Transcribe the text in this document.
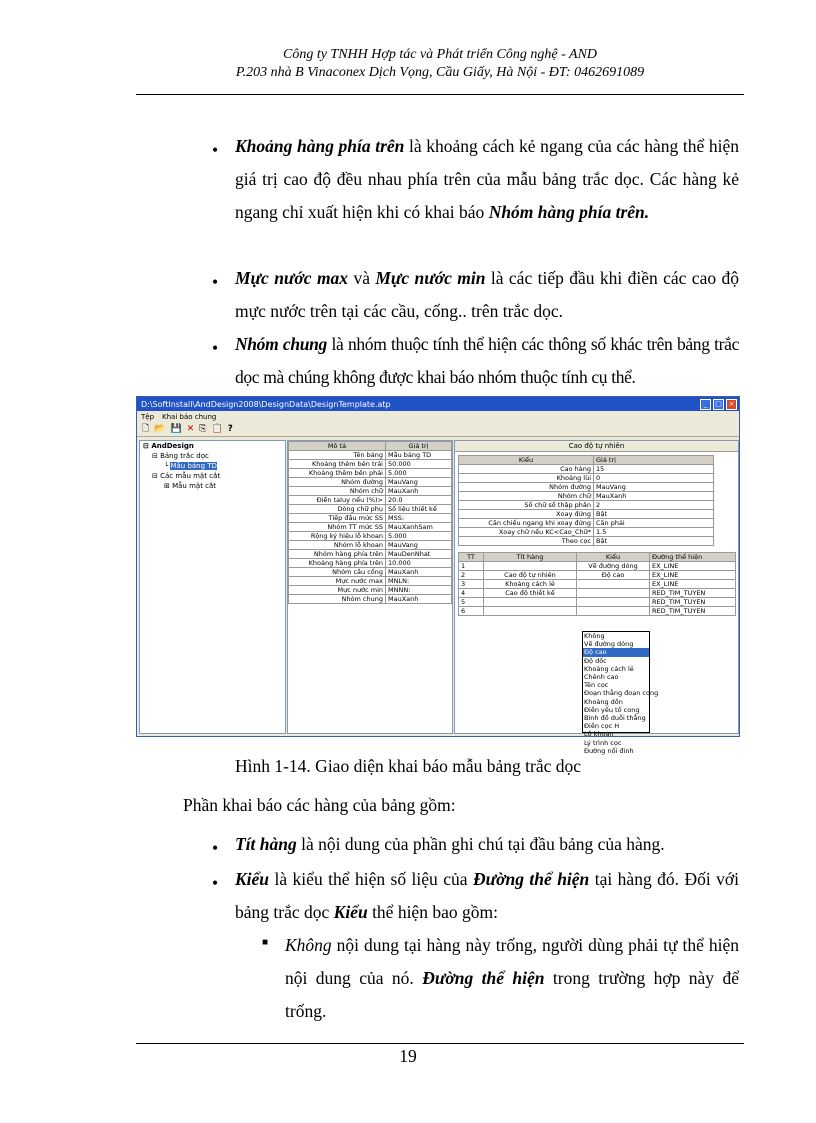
Công ty TNHH Hợp tác và Phát triển Công nghệ - AND
P.203 nhà B Vinaconex Dịch Vọng, Cầu Giấy, Hà Nội - ĐT: 0462691089
• Khoảng hàng phía trên là khoảng cách kẻ ngang của các hàng thể hiện giá trị cao độ đều nhau phía trên của mẫu bảng trắc dọc. Các hàng kẻ ngang chỉ xuất hiện khi có khai báo Nhóm hàng phía trên.
• Mực nước max và Mực nước min là các tiếp đầu khi điền các cao độ mực nước trên tại các cầu, cống.. trên trắc dọc.
• Nhóm chung là nhóm thuộc tính thể hiện các thông số khác trên bảng trắc dọc mà chúng không được khai báo nhóm thuộc tính cụ thể.
D:\SoftInstall\AndDesign2008\DesignData\DesignTemplate.atp	_	□ ×
Tệp Khai báo chung
🗋 📂 💾 ✕ ⎘ 📋 ?
⊟ AndDesign
⊟ Bảng trắc dọc
└ Mẫu bảng TD
⊟ Các mẫu mặt cắt
⊞ Mẫu mặt cắt
Mô tả	Giá trị
Tên bảng	Mẫu bảng TD
Khoảng thêm bên trái	50.000
Khoảng thêm bên phải	5.000
Nhóm đường	MauVang
Nhóm chữ	MauXanh
Điền taluy nếu (%)>	20.0
Dòng chữ phụ	Số liệu thiết kế
Tiếp đầu mức SS	MSS:
Nhóm TT mức SS	MauXanhSam
Rộng ký hiệu lỗ khoan	5.000
Nhóm lỗ khoan	MauVang
Nhóm hàng phía trên	MauDenNhat
Khoảng hàng phía trên	10.000
Nhóm cầu cống	MauXanh
Mực nước max	MNLN:
Mực nước min	MNNN:
Nhóm chung	MauXanh
Cao độ tự nhiên
Kiểu	Giá trị
Cao hàng	15
Khoảng lùi	0
Nhóm đường	MauVang
Nhóm chữ	MauXanh
Số chữ số thập phân	2
Xoay đứng	Bật
Căn chiều ngang khi xoay đứng	Căn phải
Xoay chữ nếu KC<Cao_Chữ*	1.5
Theo cọc	Bật
TT	Tít hàng	Kiểu	Đường thể hiện
1		Vẽ đường dóng	EX_LINE
2	Cao độ tự nhiên	Độ cao	EX_LINE
3	Khoảng cách lẻ		EX_LINE
4	Cao độ thiết kế		RED_TIM_TUYEN
5			RED_TIM_TUYEN
6			RED_TIM_TUYEN
Không
Vẽ đường dóng
Độ cao
Độ dốc
Khoảng cách lẻ
Chênh cao
Tên cọc
Đoạn thẳng đoạn cong
Khoảng dồn
Điền yếu tố cong
Bình đồ duỗi thẳng
Điền cọc H
Lỗ khoan
Lý trình cọc
Đường nối đỉnh
Hình 1-14. Giao diện khai báo mẫu bảng trắc dọc
Phần khai báo các hàng của bảng gồm:
• Tít hàng là nội dung của phần ghi chú tại đầu bảng của hàng.
• Kiểu là kiểu thể hiện số liệu của Đường thể hiện tại hàng đó. Đối với bảng trắc dọc Kiểu thể hiện bao gồm:
■ Không nội dung tại hàng này trống, người dùng phải tự thể hiện nội dung của nó. Đường thể hiện trong trường hợp này để trống.
19
